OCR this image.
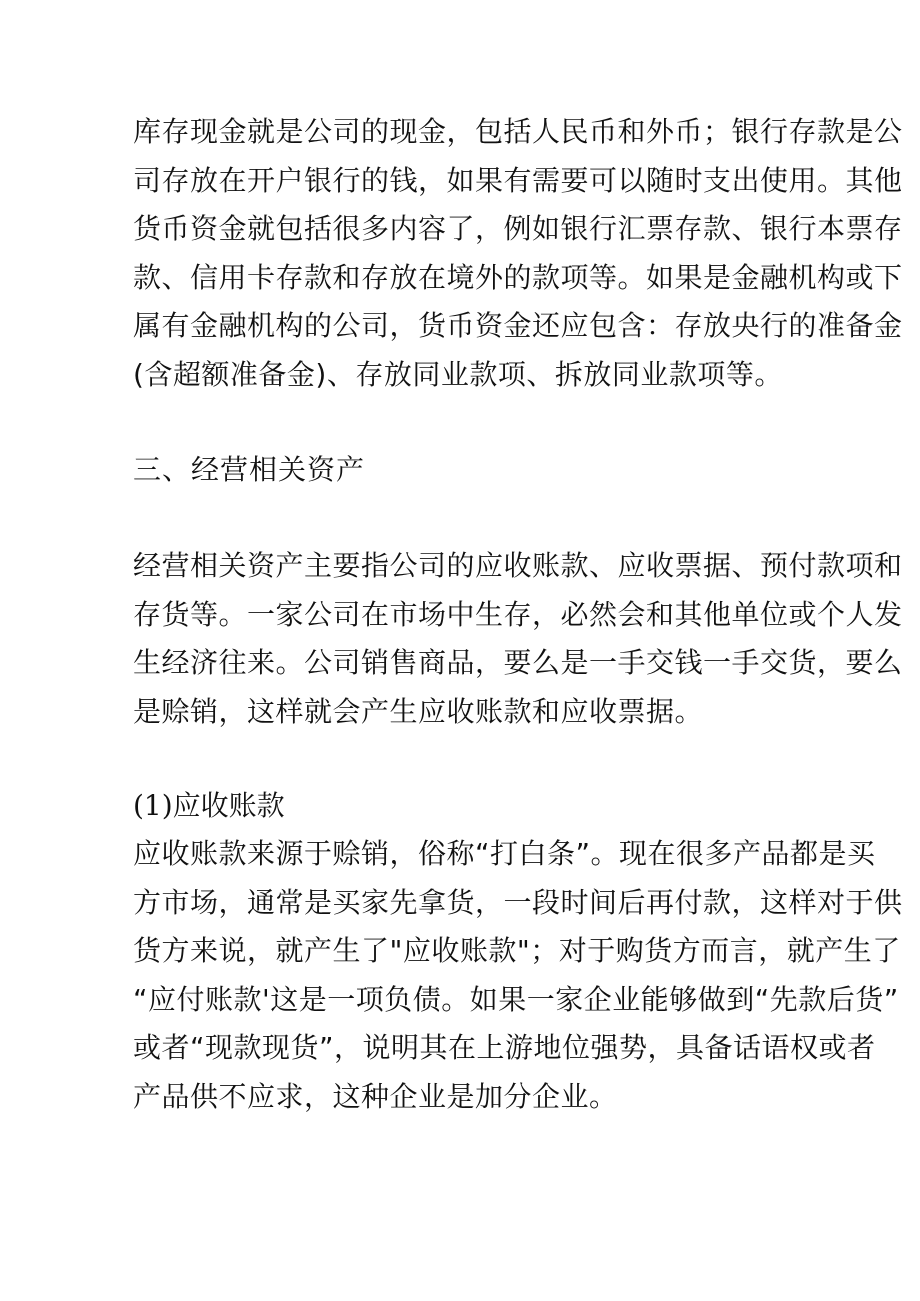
库存现金就是公司的现金，包括人民币和外币；银行存款是公
司存放在开户银行的钱，如果有需要可以随时支出使用。其他
货币资金就包括很多内容了，例如银行汇票存款、银行本票存
款、信用卡存款和存放在境外的款项等。如果是金融机构或下
属有金融机构的公司，货币资金还应包含：存放央行的准备金
(含超额准备金)、存放同业款项、拆放同业款项等。
三、经营相关资产
经营相关资产主要指公司的应收账款、应收票据、预付款项和
存货等。一家公司在市场中生存，必然会和其他单位或个人发
生经济往来。公司销售商品，要么是一手交钱一手交货，要么
是赊销，这样就会产生应收账款和应收票据。
(1)应收账款
应收账款来源于赊销，俗称“打白条”。现在很多产品都是买
方市场，通常是买家先拿货，一段时间后再付款，这样对于供
货方来说，就产生了"应收账款"；对于购货方而言，就产生了
“应付账款'这是一项负债。如果一家企业能够做到“先款后货”
或者“现款现货”，说明其在上游地位强势，具备话语权或者
产品供不应求，这种企业是加分企业。
